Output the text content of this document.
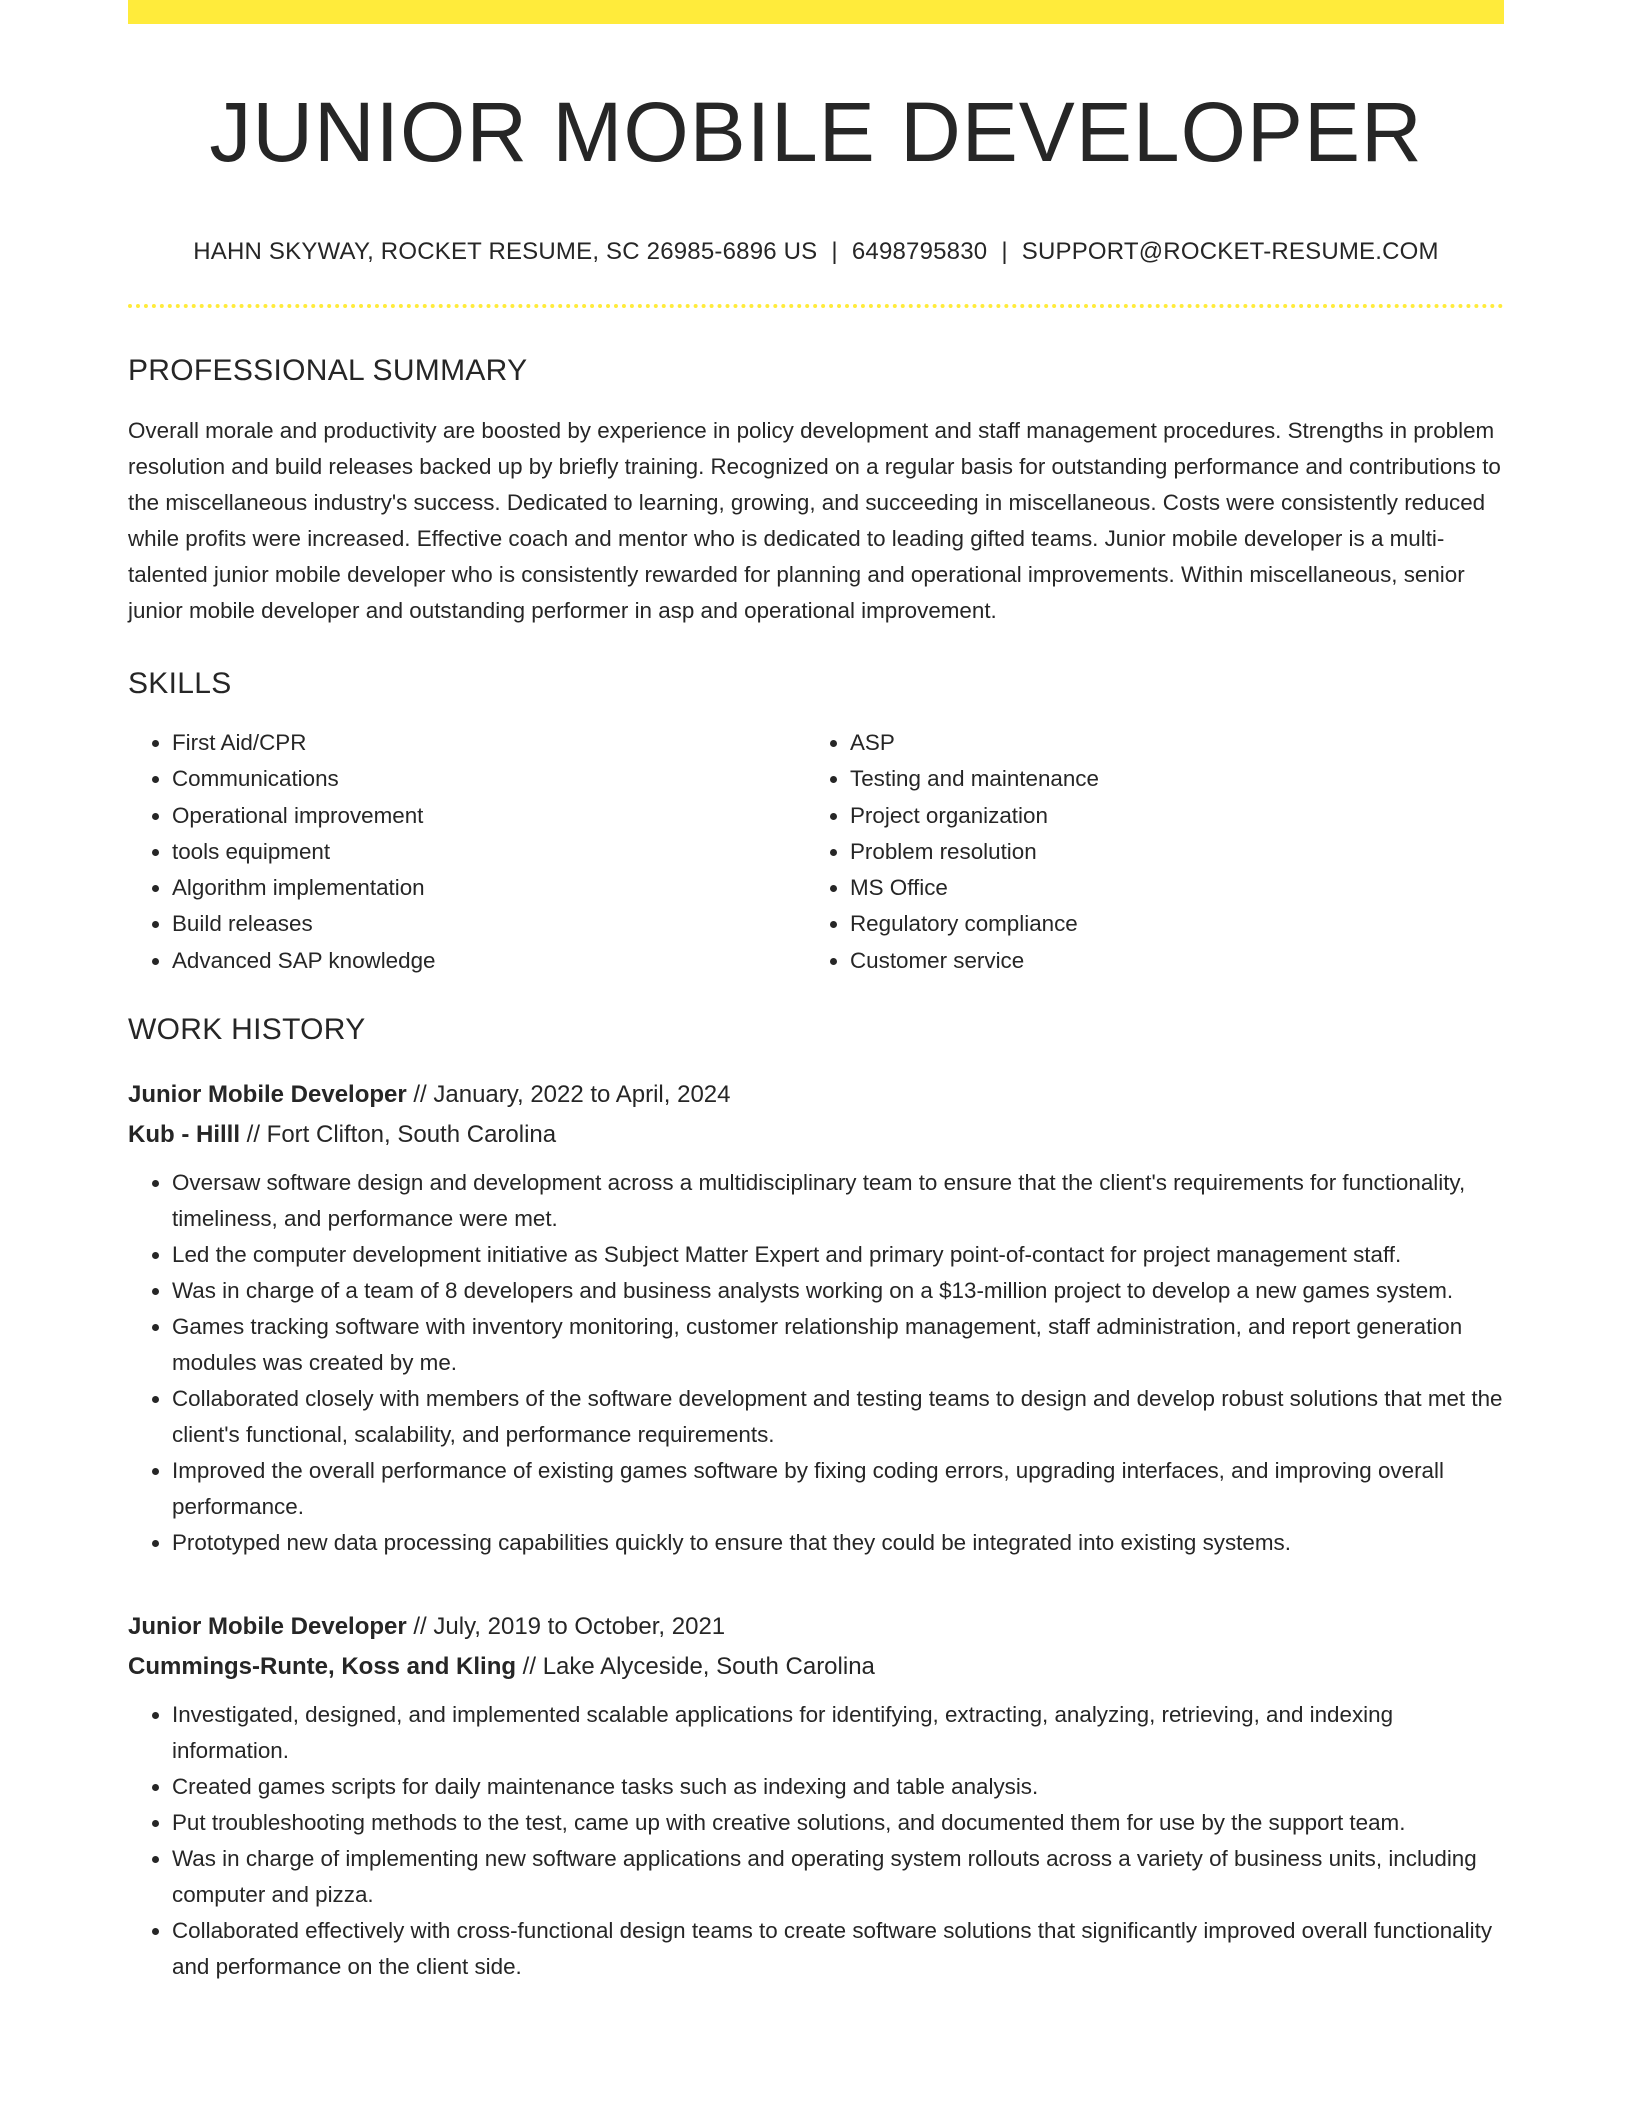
JUNIOR MOBILE DEVELOPER
HAHN SKYWAY, ROCKET RESUME, SC 26985-6896 US | 6498795830 | SUPPORT@ROCKET-RESUME.COM
PROFESSIONAL SUMMARY

Overall morale and productivity are boosted by experience in policy development and staff management procedures. Strengths in problem resolution and build releases backed up by briefly training. Recognized on a regular basis for outstanding performance and contributions to the miscellaneous industry's success. Dedicated to learning, growing, and succeeding in miscellaneous. Costs were consistently reduced while profits were increased. Effective coach and mentor who is dedicated to leading gifted teams. Junior mobile developer is a multi-talented junior mobile developer who is consistently rewarded for planning and operational improvements. Within miscellaneous, senior junior mobile developer and outstanding performer in asp and operational improvement.

SKILLS
• First Aid/CPR
• Communications
• Operational improvement
• tools equipment
• Algorithm implementation
• Build releases
• Advanced SAP knowledge
• ASP
• Testing and maintenance
• Project organization
• Problem resolution
• MS Office
• Regulatory compliance
• Customer service
WORK HISTORY
Junior Mobile Developer // January, 2022 to April, 2024
Kub - Hilll // Fort Clifton, South Carolina
• Oversaw software design and development across a multidisciplinary team to ensure that the client's requirements for functionality, timeliness, and performance were met.
• Led the computer development initiative as Subject Matter Expert and primary point-of-contact for project management staff.
• Was in charge of a team of 8 developers and business analysts working on a $13-million project to develop a new games system.
• Games tracking software with inventory monitoring, customer relationship management, staff administration, and report generation modules was created by me.
• Collaborated closely with members of the software development and testing teams to design and develop robust solutions that met the client's functional, scalability, and performance requirements.
• Improved the overall performance of existing games software by fixing coding errors, upgrading interfaces, and improving overall performance.
• Prototyped new data processing capabilities quickly to ensure that they could be integrated into existing systems.
Junior Mobile Developer // July, 2019 to October, 2021
Cummings-Runte, Koss and Kling // Lake Alyceside, South Carolina
• Investigated, designed, and implemented scalable applications for identifying, extracting, analyzing, retrieving, and indexing information.
• Created games scripts for daily maintenance tasks such as indexing and table analysis.
• Put troubleshooting methods to the test, came up with creative solutions, and documented them for use by the support team.
• Was in charge of implementing new software applications and operating system rollouts across a variety of business units, including computer and pizza.
• Collaborated effectively with cross-functional design teams to create software solutions that significantly improved overall functionality and performance on the client side.
